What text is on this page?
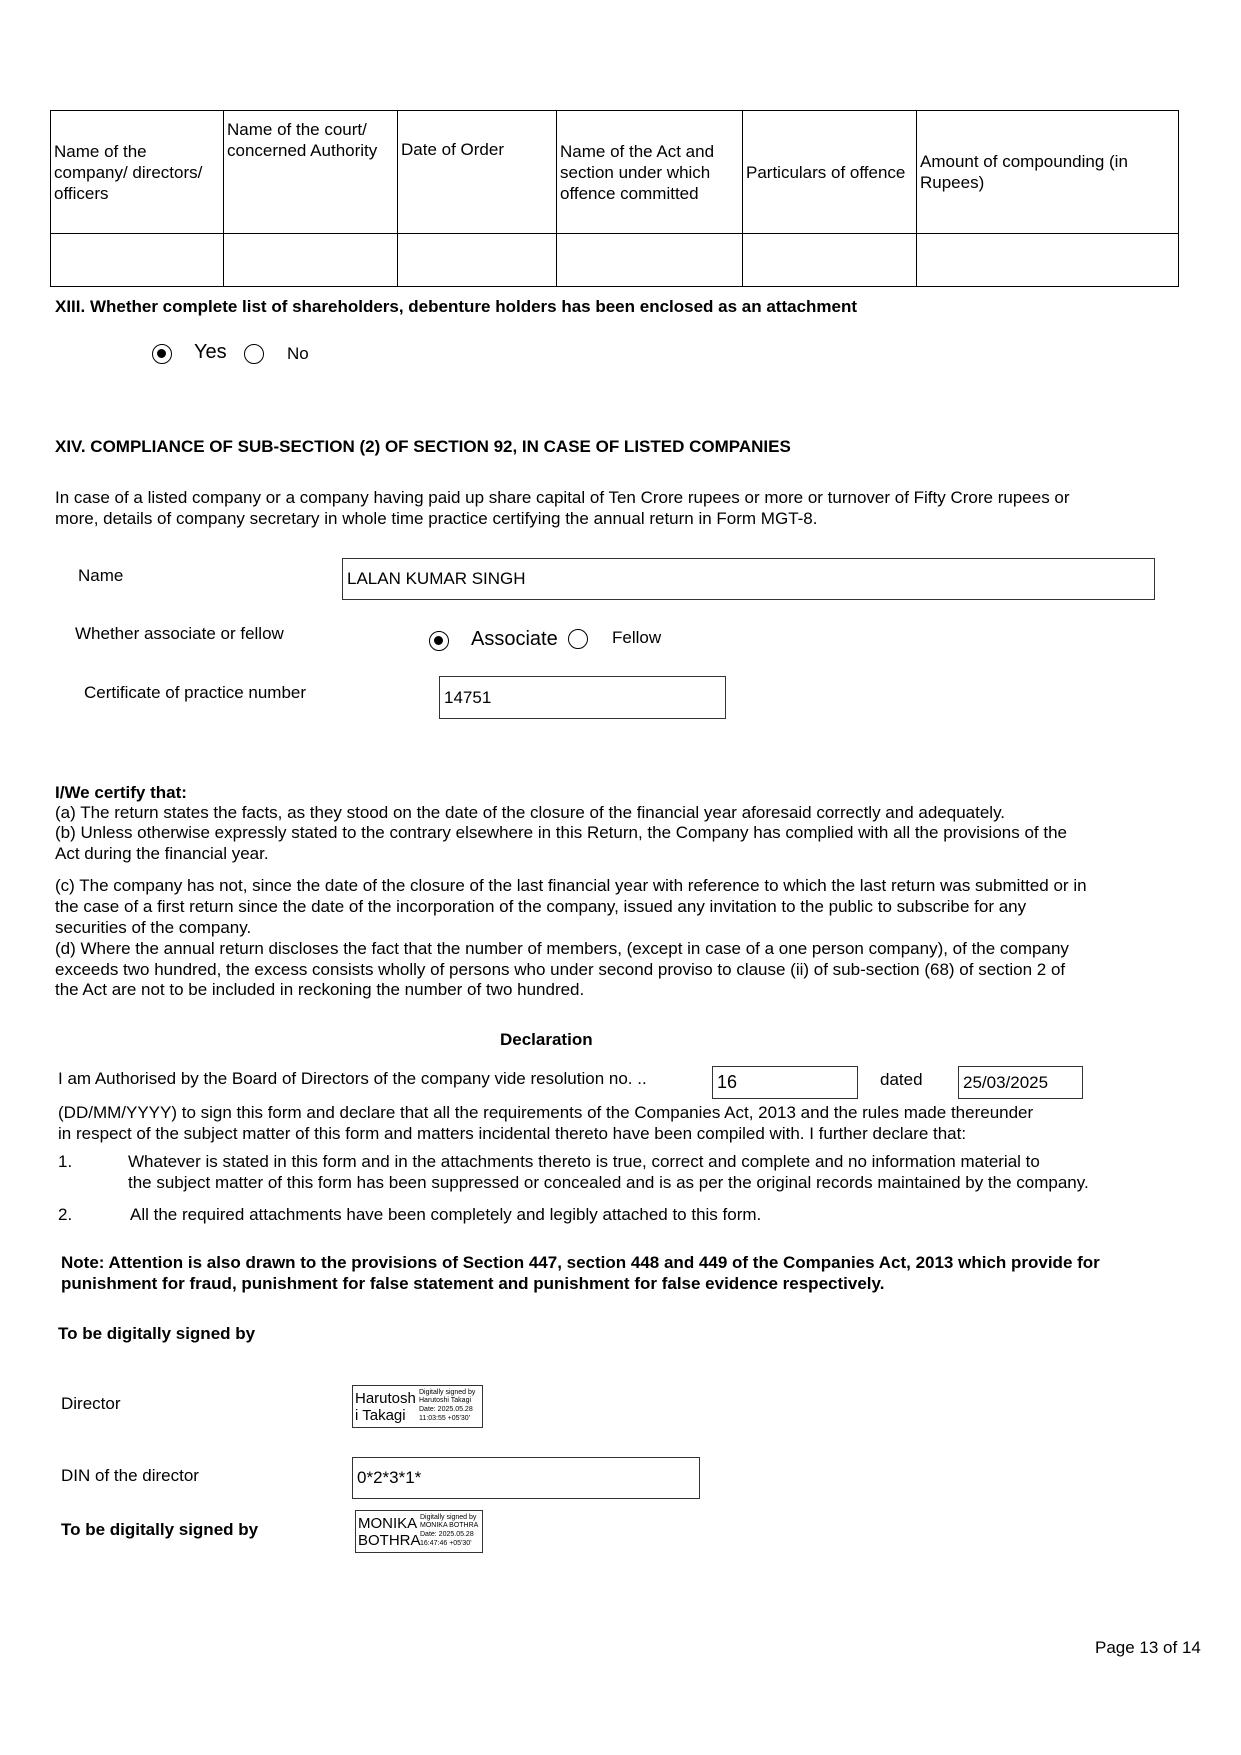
Name of the company/ directors/ officers	Name of the court/ concerned Authority	Date of Order	Name of the Act and section under which offence committed	Particulars of offence	Amount of compounding (in Rupees)

XIII. Whether complete list of shareholders, debenture holders has been enclosed as an attachment
Yes	No
XIV. COMPLIANCE OF SUB-SECTION (2) OF SECTION 92, IN CASE OF LISTED COMPANIES
In case of a listed company or a company having paid up share capital of Ten Crore rupees or more or turnover of Fifty Crore rupees or
more, details of company secretary in whole time practice certifying the annual return in Form MGT-8.
Name	LALAN KUMAR SINGH
Whether associate or fellow	Associate	Fellow
Certificate of practice number	14751
I/We certify that:
(a) The return states the facts, as they stood on the date of the closure of the financial year aforesaid correctly and adequately.
(b) Unless otherwise expressly stated to the contrary elsewhere in this Return, the Company has complied with all the provisions of the
Act during the financial year.
(c) The company has not, since the date of the closure of the last financial year with reference to which the last return was submitted or in
the case of a first return since the date of the incorporation of the company, issued any invitation to the public to subscribe for any
securities of the company.
(d) Where the annual return discloses the fact that the number of members, (except in case of a one person company), of the company
exceeds two hundred, the excess consists wholly of persons who under second proviso to clause (ii) of sub-section (68) of section 2 of
the Act are not to be included in reckoning the number of two hundred.
Declaration
I am Authorised by the Board of Directors of the company vide resolution no. ..	16	dated 25/03/2025
(DD/MM/YYYY) to sign this form and declare that all the requirements of the Companies Act, 2013 and the rules made thereunder
in respect of the subject matter of this form and matters incidental thereto have been compiled with. I further declare that:
1.	Whatever is stated in this form and in the attachments thereto is true, correct and complete and no information material to
the subject matter of this form has been suppressed or concealed and is as per the original records maintained by the company.
2.	All the required attachments have been completely and legibly attached to this form.
Note: Attention is also drawn to the provisions of Section 447, section 448 and 449 of the Companies Act, 2013 which provide for
punishment for fraud, punishment for false statement and punishment for false evidence respectively.
To be digitally signed by
Director	Harutosh
i Takagi
Digitally signed by
Harutoshi Takagi
Date: 2025.05.28
11:03:55 +05'30'
DIN of the director	0*2*3*1*
To be digitally signed by	MONIKA
BOTHRA
Digitally signed by
MONIKA BOTHRA
Date: 2025.05.28
16:47:46 +05'30'
Page 13 of 14
